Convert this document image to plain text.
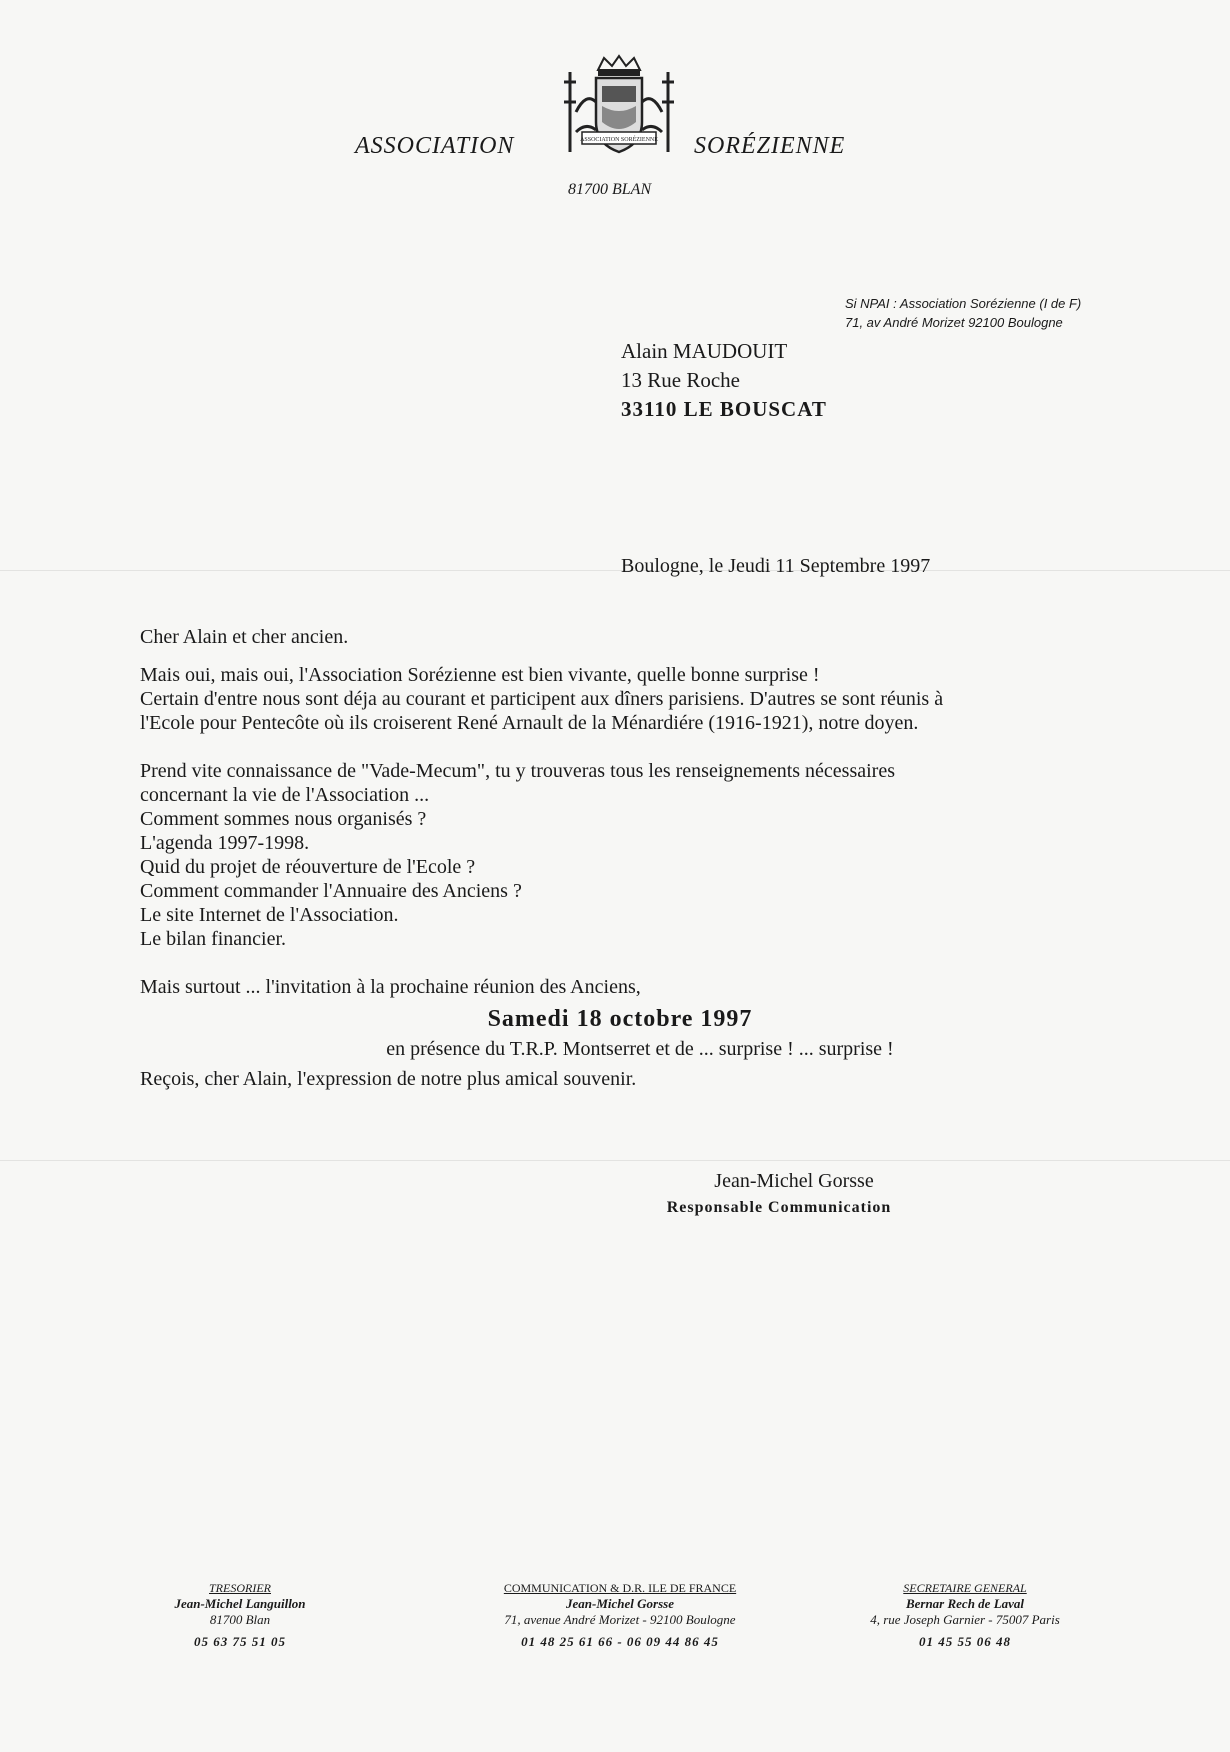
ASSOCIATION	ASSOCIATION SORÉZIENNE SORÉZIENNE
81700 BLAN
Si NPAI : Association Sorézienne (I de F)
71, av André Morizet 92100 Boulogne
Alain MAUDOUIT
13 Rue Roche
33110 LE BOUSCAT
Boulogne, le Jeudi 11 Septembre 1997

Cher Alain et cher ancien.

Mais oui, mais oui, l'Association Sorézienne est bien vivante, quelle bonne surprise !

Certain d'entre nous sont déja au courant et participent aux dîners parisiens. D'autres se sont réunis à

l'Ecole pour Pentecôte où ils croiserent René Arnault de la Ménardiére (1916-1921), notre doyen.

Prend vite connaissance de "Vade-Mecum", tu y trouveras tous les renseignements nécessaires

concernant la vie de l'Association ...

Comment sommes nous organisés ?

L'agenda 1997-1998.

Quid du projet de réouverture de l'Ecole ?

Comment commander l'Annuaire des Anciens ?

Le site Internet de l'Association.

Le bilan financier.

Mais surtout ... l'invitation à la prochaine réunion des Anciens,

Samedi 18 octobre 1997

en présence du T.R.P. Montserret et de ... surprise ! ... surprise !

Reçois, cher Alain, l'expression de notre plus amical souvenir.

Jean-Michel Gorsse
Responsable Communication
TRESORIER
Jean-Michel Languillon
81700 Blan
05 63 75 51 05
COMMUNICATION & D.R. ILE DE FRANCE
Jean-Michel Gorsse
71, avenue André Morizet - 92100 Boulogne
01 48 25 61 66 - 06 09 44 86 45
SECRETAIRE GENERAL
Bernar Rech de Laval
4, rue Joseph Garnier - 75007 Paris
01 45 55 06 48
